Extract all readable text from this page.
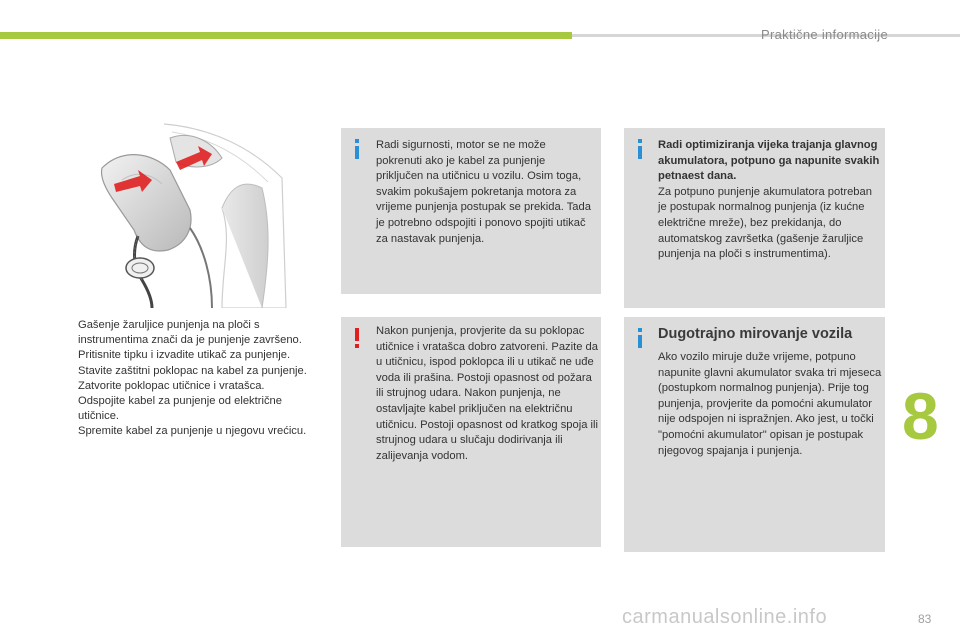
Praktične informacije
Gašenje žaruljice punjenja na ploči s instrumentima znači da je punjenje završeno.
Pritisnite tipku i izvadite utikač za punjenje.
Stavite zaštitni poklopac na kabel za punjenje.
Zatvorite poklopac utičnice i vratašca.
Odspojite kabel za punjenje od električne utičnice.
Spremite kabel za punjenje u njegovu vrećicu.
Radi sigurnosti, motor se ne može pokrenuti ako je kabel za punjenje priključen na utičnicu u vozilu. Osim toga, svakim pokušajem pokretanja motora za vrijeme punjenja postupak se prekida. Tada je potrebno odspojiti i ponovo spojiti utikač za nastavak punjenja.
Radi optimiziranja vijeka trajanja glavnog akumulatora, potpuno ga napunite svakih petnaest dana.
Za potpuno punjenje akumulatora potreban je postupak normalnog punjenja (iz kućne električne mreže), bez prekidanja, do automatskog završetka (gašenje žaruljice punjenja na ploči s instrumentima).
Nakon punjenja, provjerite da su poklopac utičnice i vratašca dobro zatvoreni. Pazite da u utičnicu, ispod poklopca ili u utikač ne uđe voda ili prašina. Postoji opasnost od požara ili strujnog udara. Nakon punjenja, ne ostavljajte kabel priključen na električnu utičnicu. Postoji opasnost od kratkog spoja ili strujnog udara u slučaju dodirivanja ili zalijevanja vodom.
Dugotrajno mirovanje vozila
Ako vozilo miruje duže vrijeme, potpuno napunite glavni akumulator svaka tri mjeseca (postupkom normalnog punjenja). Prije tog punjenja, provjerite da pomoćni akumulator nije odspojen ni ispražnjen. Ako jest, u točki "pomoćni akumulator" opisan je postupak njegovog spajanja i punjenja.	8
carmanualsonline.info	83
